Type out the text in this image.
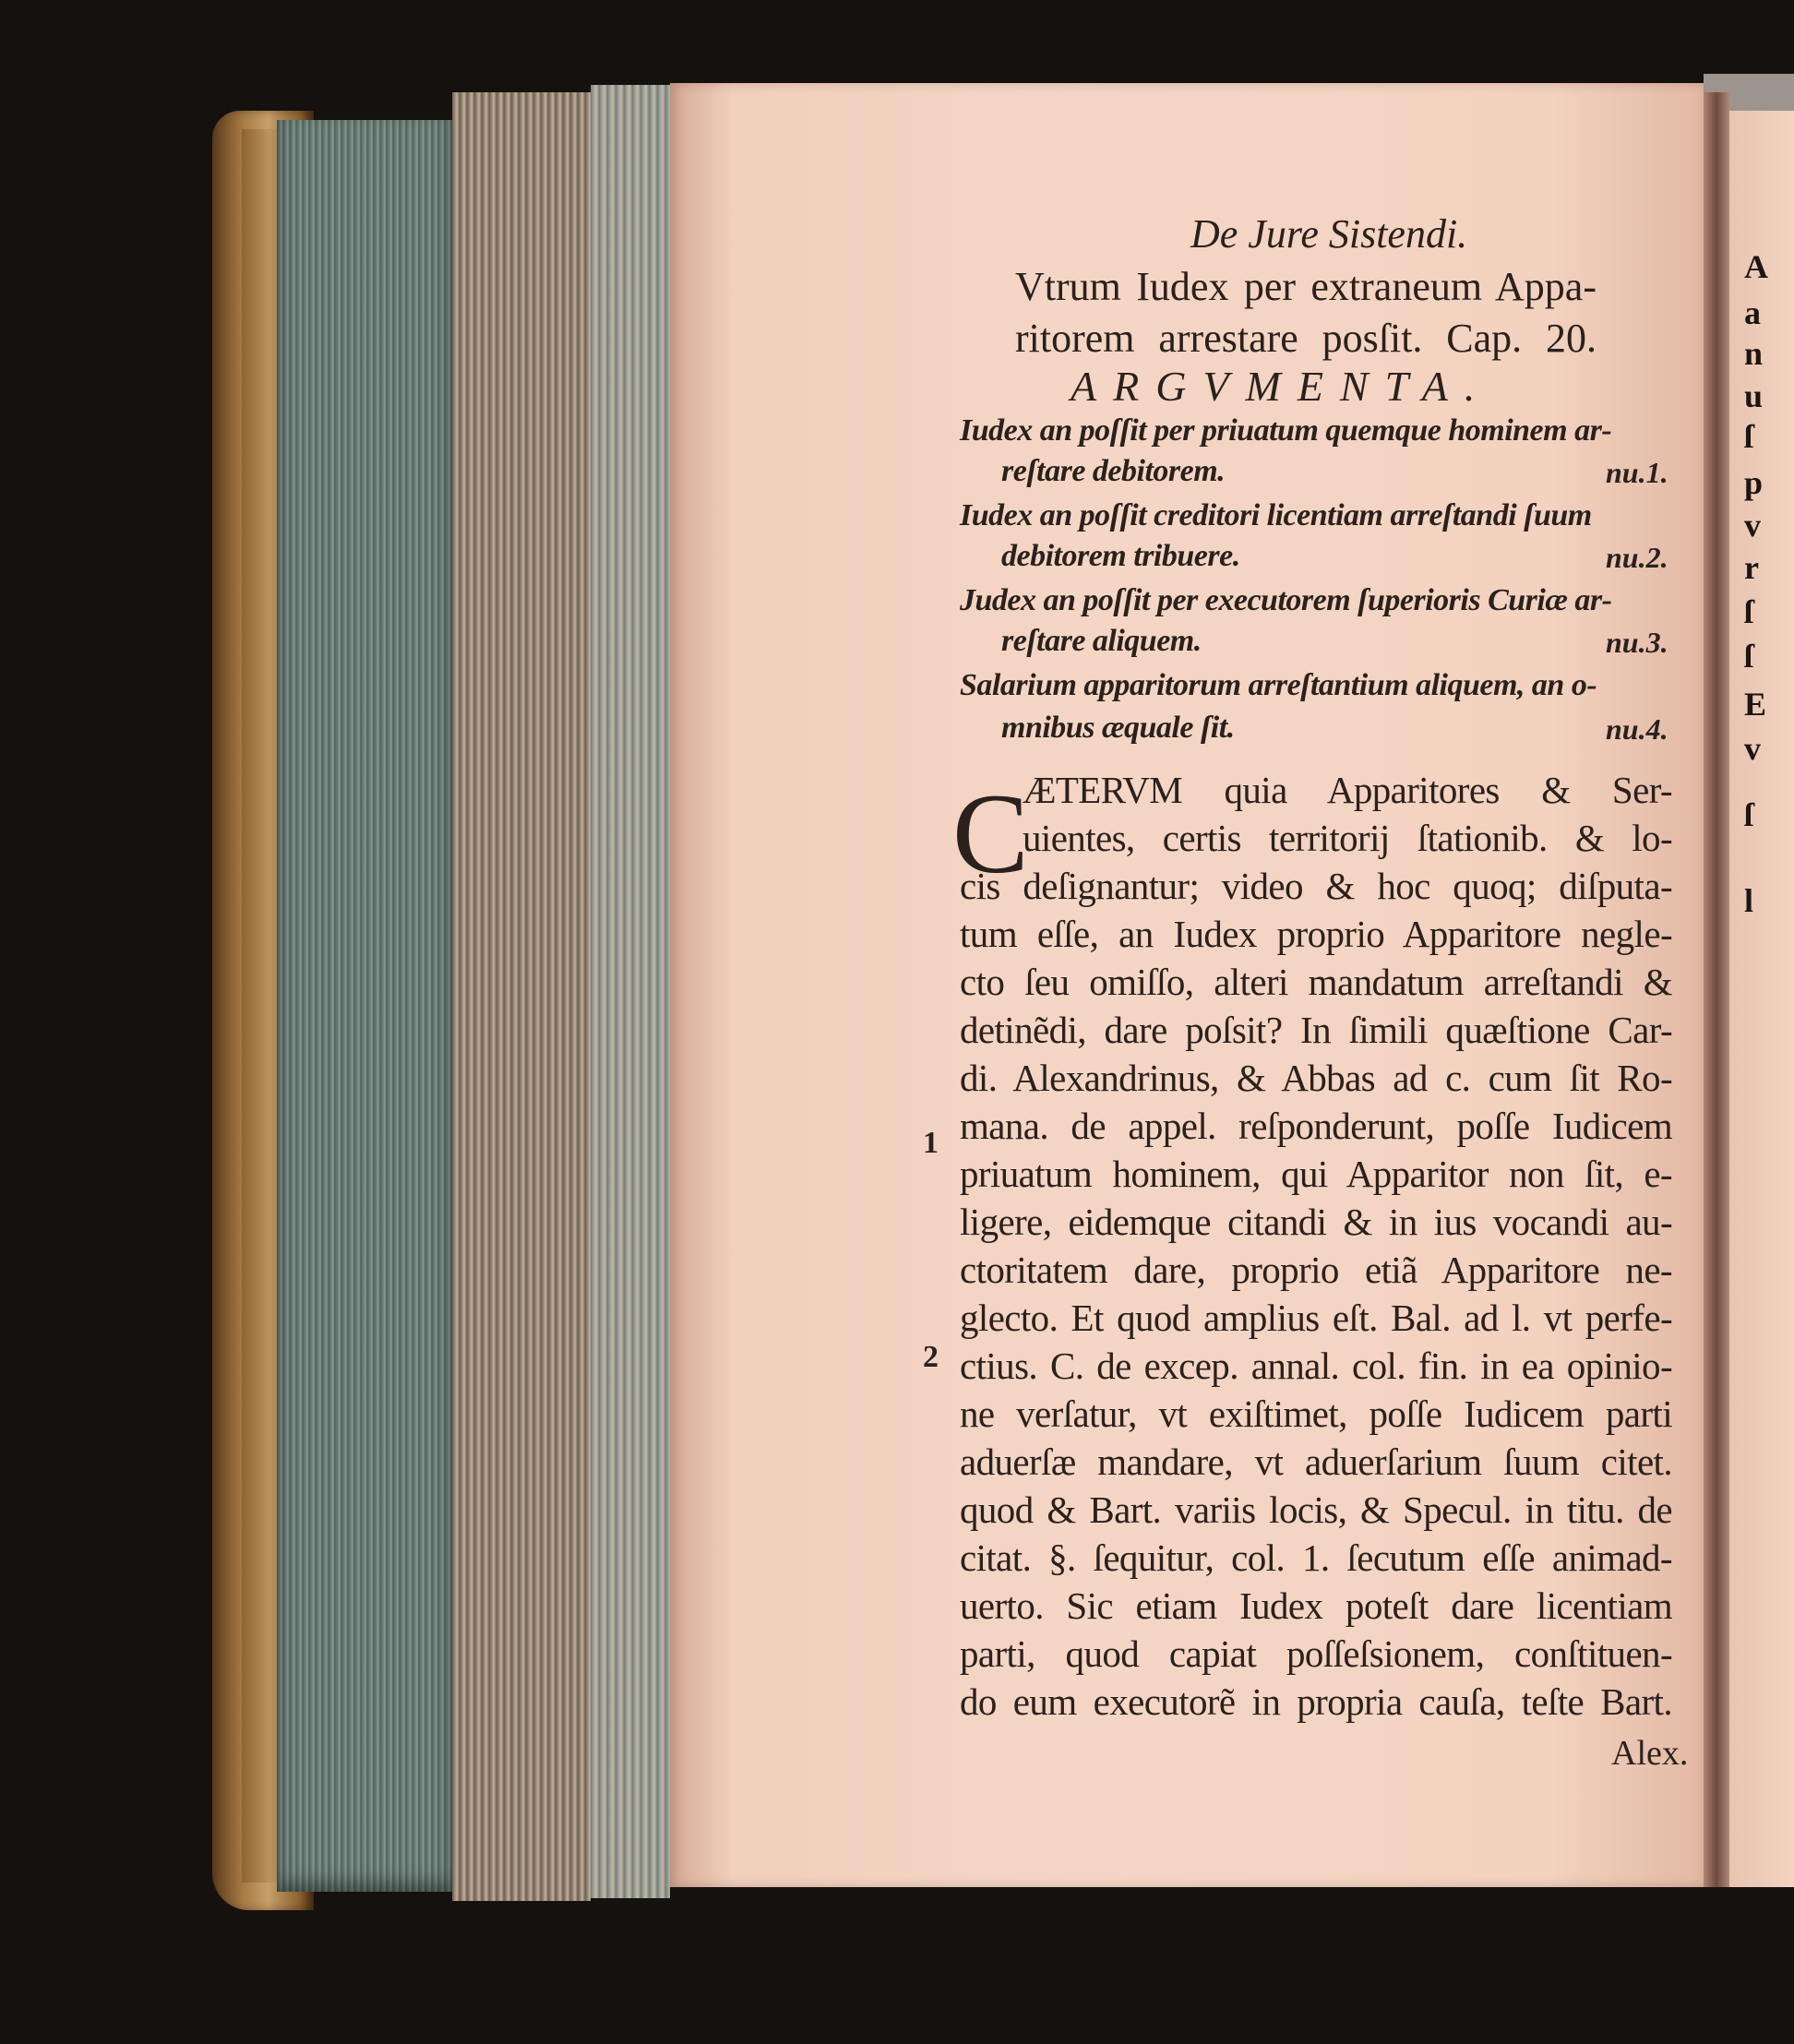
De Jure Sistendi.
Vtrum Iudex per extraneum Appa-
ritorem arrestare posſit. Cap. 20.
ARGVMENTA.
Iudex an poſſit per priuatum quemque hominem ar-
reſtare debitorem.	nu.1.
Iudex an poſſit creditori licentiam arreſtandi ſuum
debitorem tribuere.	nu.2.
Judex an poſſit per executorem ſuperioris Curiæ ar-
reſtare aliquem.	nu.3.
Salarium apparitorum arreſtantium aliquem, an o-
mnibus æquale ſit.	nu.4.
C
ÆTERVM quia Apparitores & Ser-
uientes, certis territorij ſtationib. & lo-
cis deſignantur; video & hoc quoq; diſputa-
tum eſſe, an Iudex proprio Apparitore negle-
cto ſeu omiſſo, alteri mandatum arreſtandi &
detinẽdi, dare poſsit? In ſimili quæſtione Car-
di. Alexandrinus, & Abbas ad c. cum ſit Ro-
mana. de appel. reſponderunt, poſſe Iudicem
priuatum hominem, qui Apparitor non ſit, e-
ligere, eidemque citandi & in ius vocandi au-
ctoritatem dare, proprio etiã Apparitore ne-
glecto. Et quod amplius eſt. Bal. ad l. vt perfe-
ctius. C. de excep. annal. col. fin. in ea opinio-
ne verſatur, vt exiſtimet, poſſe Iudicem parti
aduerſæ mandare, vt aduerſarium ſuum citet.
quod & Bart. variis locis, & Specul. in titu. de
citat. §. ſequitur, col. 1. ſecutum eſſe animad-
uerto. Sic etiam Iudex poteſt dare licentiam
parti, quod capiat poſſeſsionem, conſtituen-
do eum executorẽ in propria cauſa, teſte Bart.
Alex.
1
2
A
a
n
u
ſ
p
v
r
ſ
ſ
E
v
ſ
l
